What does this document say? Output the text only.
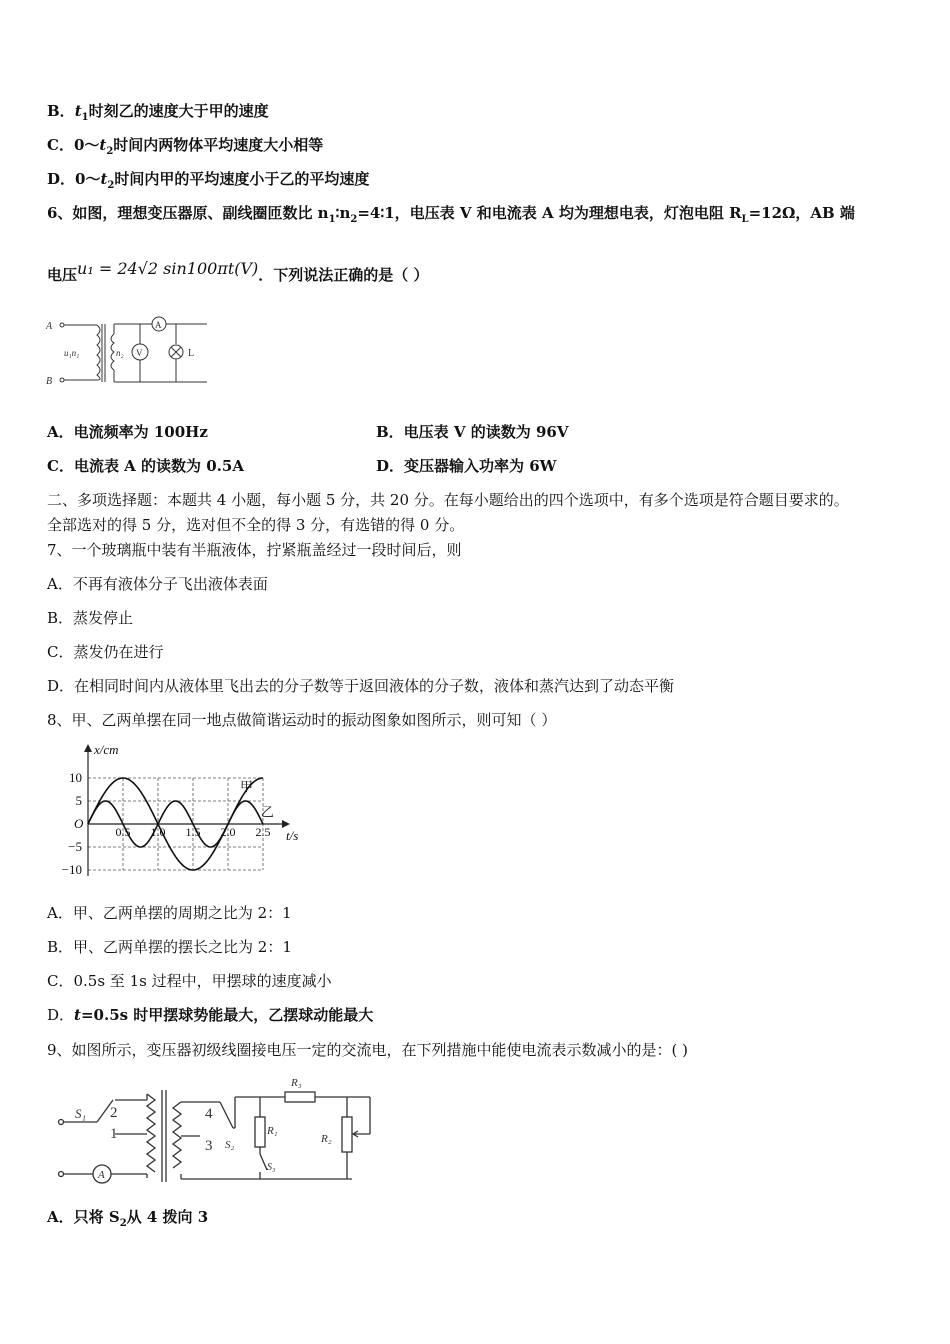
B．$t_1$时刻乙的速度大于甲的速度
C．$0\sim t_2$时间内两物体平均速度大小相等
D．$0\sim t_2$时间内甲的平均速度小于乙的平均速度
6、如图，理想变压器原、副线圈匝数比 $n_1∶n_2=4∶1$，电压表 V 和电流表 A 均为理想电表，灯泡电阻 $R_L=12\Omega$，AB 端
电压u₁ = 24√2 sin100πt(V)．下列说法正确的是（ ）
A
B
u₁n₁	n₂ V
A
L
A．电流频率为 100Hz	B．电压表 V 的读数为 96V
C．电流表 A 的读数为 0.5A	D．变压器输入功率为 6W
二、多项选择题：本题共 4 小题，每小题 5 分，共 20 分。在每小题给出的四个选项中，有多个选项是符合题目要求的。
全部选对的得 5 分，选对但不全的得 3 分，有选错的得 0 分。
7、一个玻璃瓶中装有半瓶液体，拧紧瓶盖经过一段时间后，则
A．不再有液体分子飞出液体表面
B．蒸发停止
C．蒸发仍在进行
D．在相同时间内从液体里飞出去的分子数等于返回液体的分子数，液体和蒸汽达到了动态平衡
8、甲、乙两单摆在同一地点做简谐运动时的振动图象如图所示，则可知（ ）
10
5
−5
−10
0.5 1.0 1.5 2.0 2.5
x/cm
t/s
O
甲
乙
A．甲、乙两单摆的周期之比为 2：1
B．甲、乙两单摆的摆长之比为 2：1
C．0.5s 至 1s 过程中，甲摆球的速度减小
D．t=0.5s 时甲摆球势能最大，乙摆球动能最大
9、如图所示，变压器初级线圈接电压一定的交流电，在下列措施中能使电流表示数减小的是：( )
S₁ 2
1
A
4
3 S₂
R₁
S₃
R₂
R₃
A．只将 $S_2$从 4 拨向 3
